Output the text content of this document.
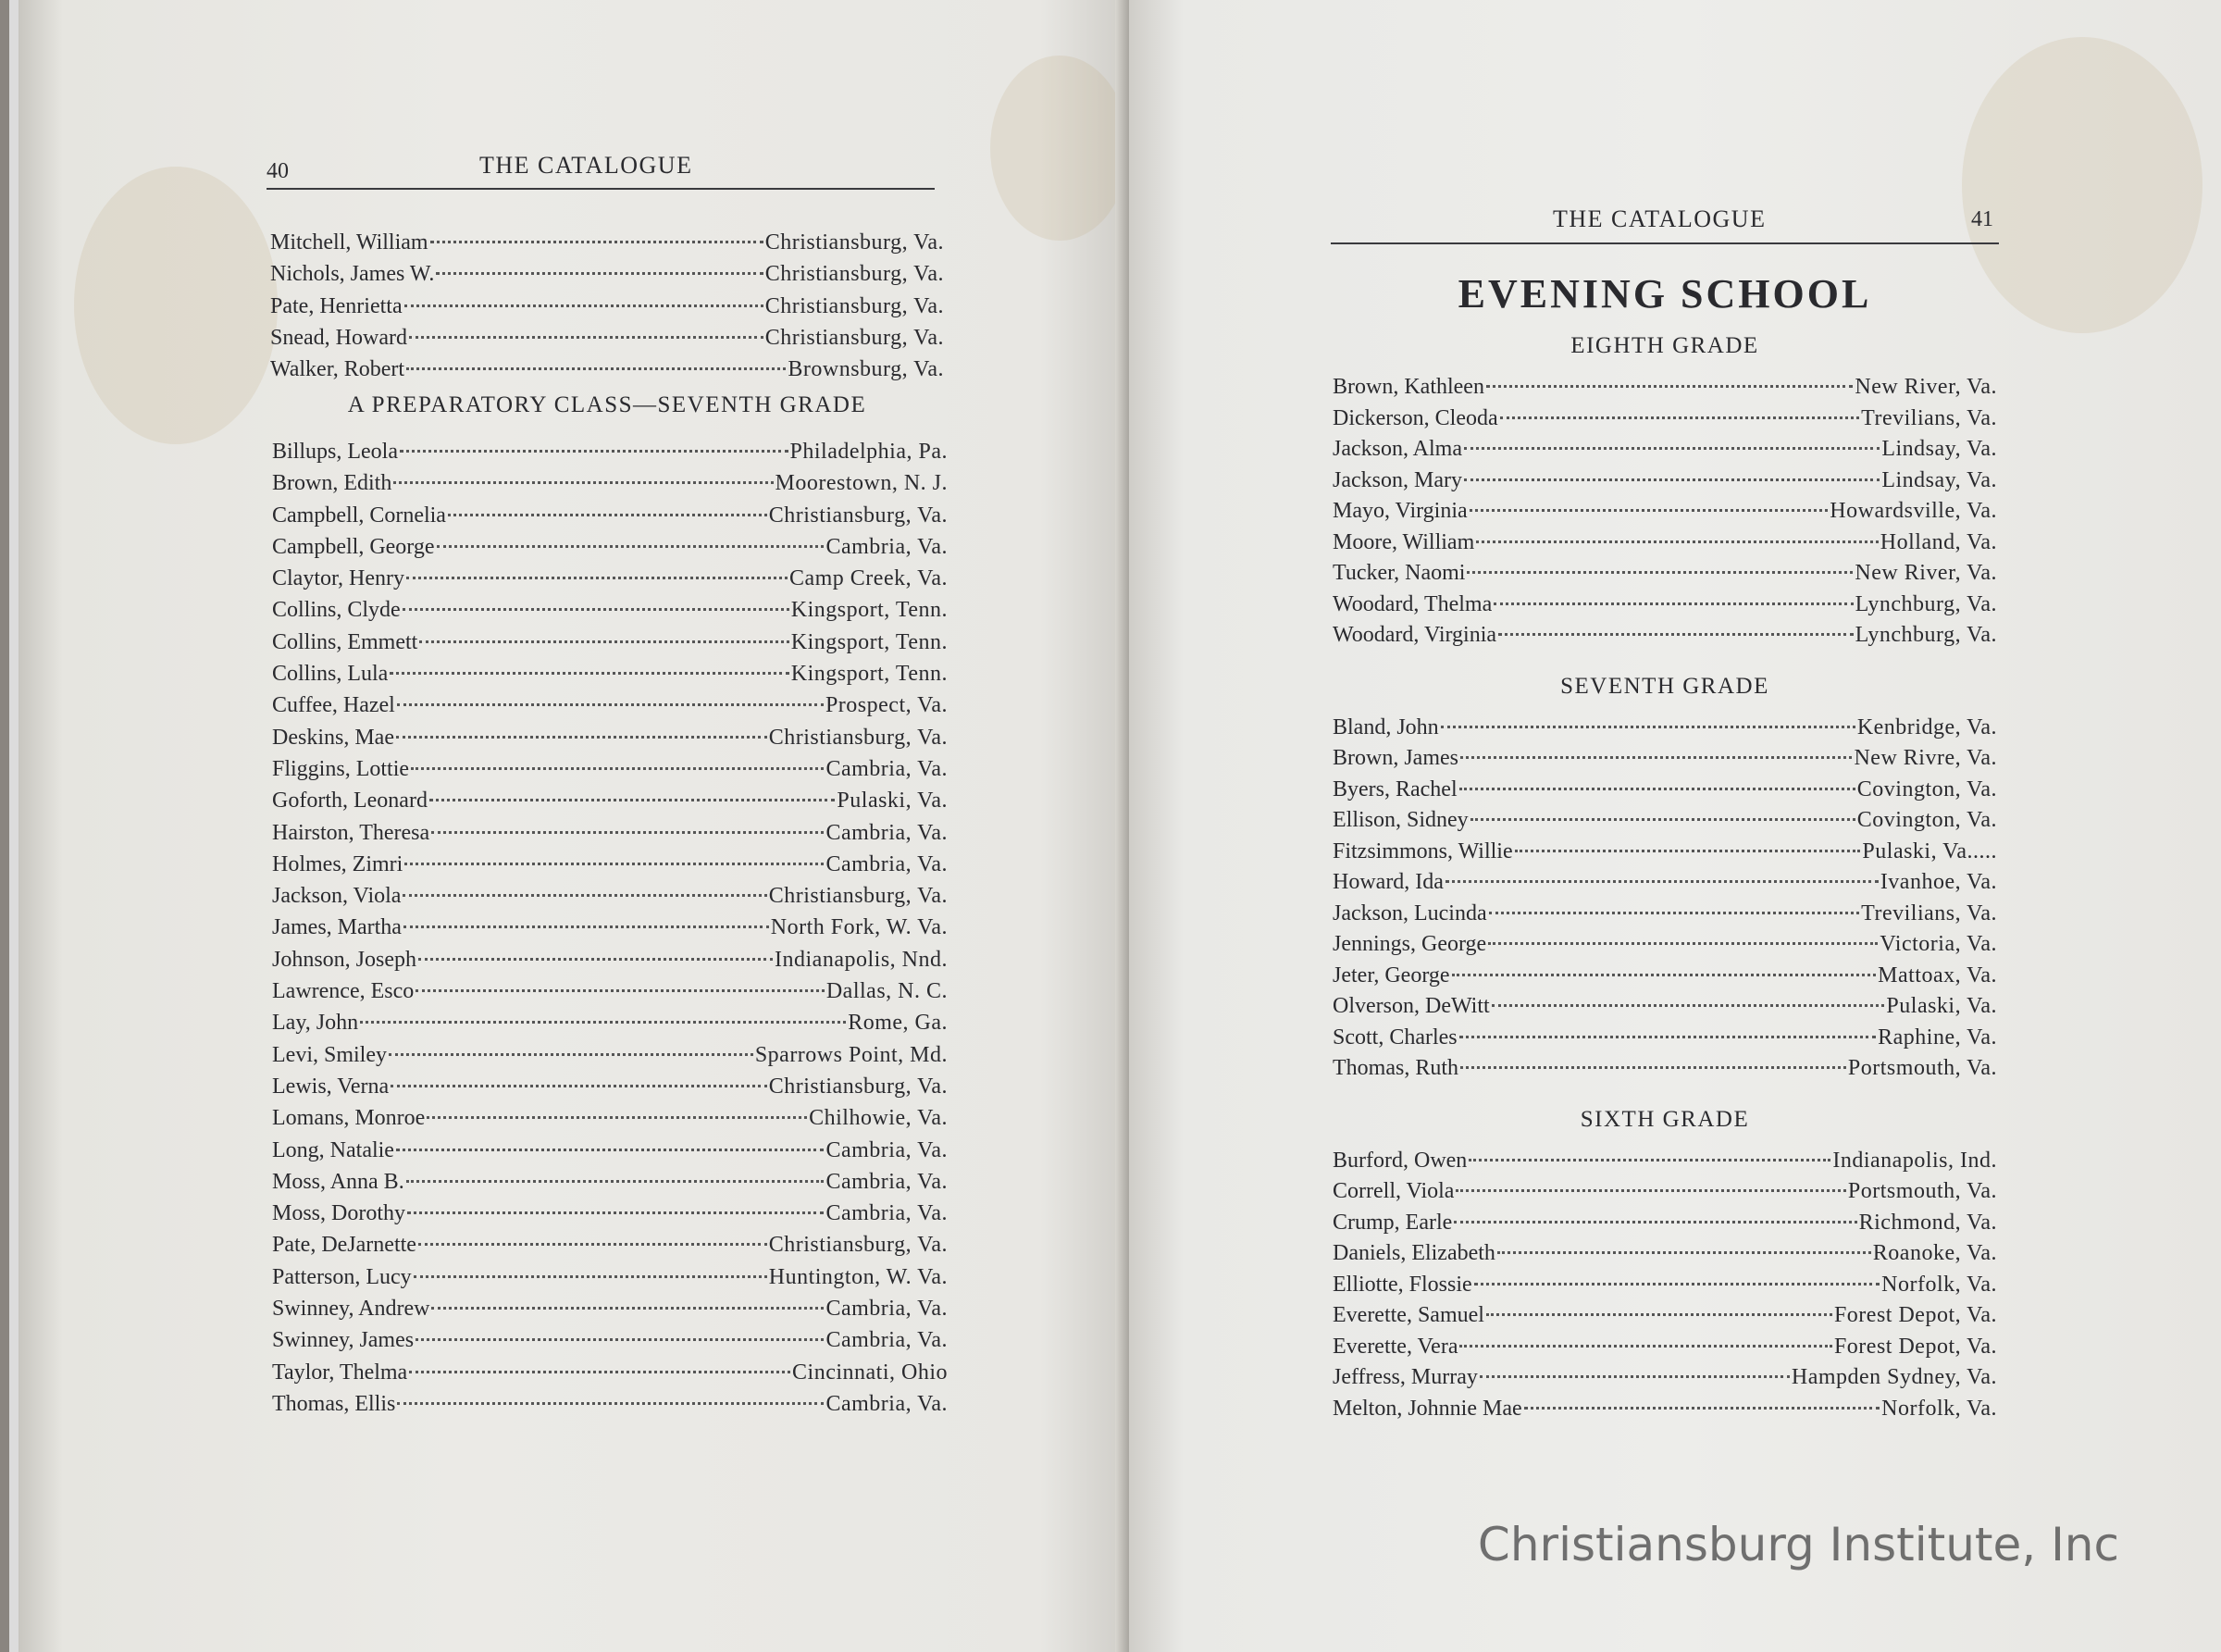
40	THE CATALOGUE
Mitchell, William	Christiansburg, Va.
Nichols, James W.	Christiansburg, Va.
Pate, Henrietta	Christiansburg, Va.
Snead, Howard	Christiansburg, Va.
Walker, Robert	Brownsburg, Va.
A PREPARATORY CLASS—SEVENTH GRADE
Billups, Leola	Philadelphia, Pa.
Brown, Edith	Moorestown, N. J.
Campbell, Cornelia	Christiansburg, Va.
Campbell, George	Cambria, Va.
Claytor, Henry	Camp Creek, Va.
Collins, Clyde	Kingsport, Tenn.
Collins, Emmett	Kingsport, Tenn.
Collins, Lula	Kingsport, Tenn.
Cuffee, Hazel	Prospect, Va.
Deskins, Mae	Christiansburg, Va.
Fliggins, Lottie	Cambria, Va.
Goforth, Leonard	Pulaski, Va.
Hairston, Theresa	Cambria, Va.
Holmes, Zimri	Cambria, Va.
Jackson, Viola	Christiansburg, Va.
James, Martha	North Fork, W. Va.
Johnson, Joseph	Indianapolis, Nnd.
Lawrence, Esco	Dallas, N. C.
Lay, John	Rome, Ga.
Levi, Smiley	Sparrows Point, Md.
Lewis, Verna	Christiansburg, Va.
Lomans, Monroe	Chilhowie, Va.
Long, Natalie	Cambria, Va.
Moss, Anna B.	Cambria, Va.
Moss, Dorothy	Cambria, Va.
Pate, DeJarnette	Christiansburg, Va.
Patterson, Lucy	Huntington, W. Va.
Swinney, Andrew	Cambria, Va.
Swinney, James	Cambria, Va.
Taylor, Thelma	Cincinnati, Ohio
Thomas, Ellis	Cambria, Va.
THE CATALOGUE	41
EVENING SCHOOL
EIGHTH GRADE
Brown, Kathleen	New River, Va.
Dickerson, Cleoda	Trevilians, Va.
Jackson, Alma	Lindsay, Va.
Jackson, Mary	Lindsay, Va.
Mayo, Virginia	Howardsville, Va.
Moore, William	Holland, Va.
Tucker, Naomi	New River, Va.
Woodard, Thelma	Lynchburg, Va.
Woodard, Virginia	Lynchburg, Va.
SEVENTH GRADE
Bland, John	Kenbridge, Va.
Brown, James	New Rivre, Va.
Byers, Rachel	Covington, Va.
Ellison, Sidney	Covington, Va.
Fitzsimmons, Willie	Pulaski, Va.....
Howard, Ida	Ivanhoe, Va.
Jackson, Lucinda	Trevilians, Va.
Jennings, George	Victoria, Va.
Jeter, George	Mattoax, Va.
Olverson, DeWitt	Pulaski, Va.
Scott, Charles	Raphine, Va.
Thomas, Ruth	Portsmouth, Va.
SIXTH GRADE
Burford, Owen	Indianapolis, Ind.
Correll, Viola	Portsmouth, Va.
Crump, Earle	Richmond, Va.
Daniels, Elizabeth	Roanoke, Va.
Elliotte, Flossie	Norfolk, Va.
Everette, Samuel	Forest Depot, Va.
Everette, Vera	Forest Depot, Va.
Jeffress, Murray	Hampden Sydney, Va.
Melton, Johnnie Mae	Norfolk, Va.
Christiansburg Institute, Inc
